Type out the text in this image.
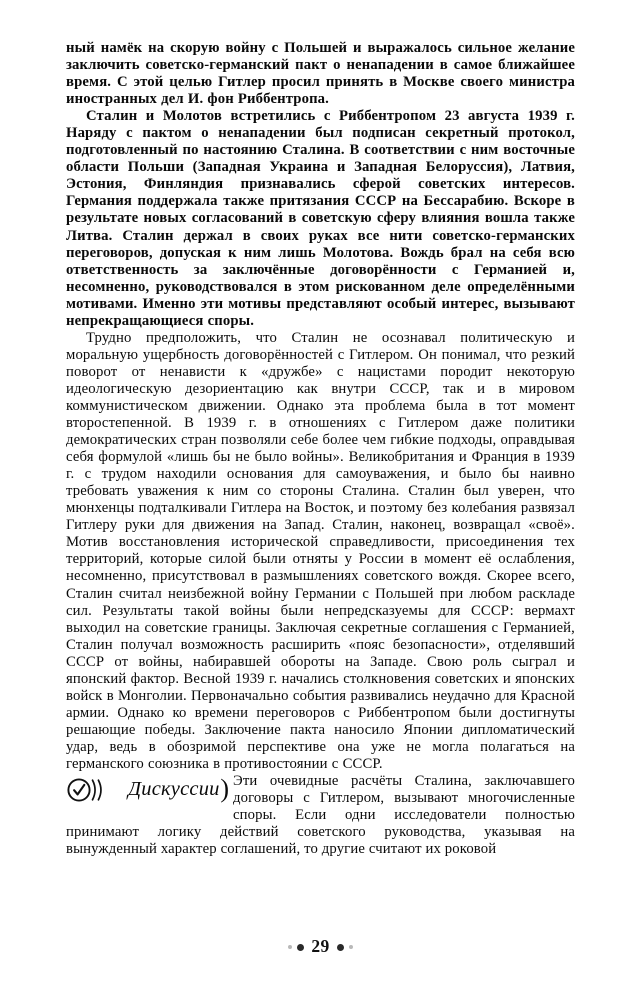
ный намёк на скорую войну с Польшей и выражалось сильное желание заключить советско-германский пакт о ненападении в самое ближайшее время. С этой целью Гитлер просил принять в Москве своего министра иностранных дел И. фон Риббентропа.

Сталин и Молотов встретились с Риббентропом 23 августа 1939 г. Наряду с пактом о ненападении был подписан секретный протокол, подготовленный по настоянию Сталина. В соответствии с ним восточные области Польши (Западная Украина и Западная Белоруссия), Латвия, Эстония, Финляндия признавались сферой советских интересов. Германия поддержала также притязания СССР на Бессарабию. Вскоре в результате новых согласований в советскую сферу влияния вошла также Литва. Сталин держал в своих руках все нити советско-германских переговоров, допуская к ним лишь Молотова. Вождь брал на себя всю ответственность за заключённые договорённости с Германией и, несомненно, руководствовался в этом рискованном деле определёнными мотивами. Именно эти мотивы представляют особый интерес, вызывают непрекращающиеся споры.

Трудно предположить, что Сталин не осознавал политическую и моральную ущербность договорённостей с Гитлером. Он понимал, что резкий поворот от ненависти к «дружбе» с нацистами породит некоторую идеологическую дезориентацию как внутри СССР, так и в мировом коммунистическом движении. Однако эта проблема была в тот момент второстепенной. В 1939 г. в отношениях с Гитлером даже политики демократических стран позволяли себе более чем гибкие подходы, оправдывая себя формулой «лишь бы не было войны». Великобритания и Франция в 1939 г. с трудом находили основания для самоуважения, и было бы наивно требовать уважения к ним со стороны Сталина. Сталин был уверен, что мюнхенцы подталкивали Гитлера на Восток, и поэтому без колебания развязал Гитлеру руки для движения на Запад. Сталин, наконец, возвращал «своё». Мотив восстановления исторической справедливости, присоединения тех территорий, которые силой были отняты у России в момент её ослабления, несомненно, присутствовал в размышлениях советского вождя. Скорее всего, Сталин считал неизбежной войну Германии с Польшей при любом раскладе сил. Результаты такой войны были непредсказуемы для СССР: вермахт выходил на советские границы. Заключая секретные соглашения с Германией, Сталин получал возможность расширить «пояс безопасности», отделявший СССР от войны, набиравшей обороты на Западе. Свою роль сыграл и японский фактор. Весной 1939 г. начались столкновения советских и японских войск в Монголии. Первоначально события развивались неудачно для Красной армии. Однако ко времени переговоров с Риббентропом были достигнуты решающие победы. Заключение пакта наносило Японии дипломатический удар, ведь в обозримой перспективе она уже не могла полагаться на германского союзника в противостоянии с СССР.

Дискуссии ) Эти очевидные расчёты Сталина, заключавшего договоры с Гитлером, вызывают многочисленные споры. Если одни исследователи полностью принимают логику действий советского руководства, указывая на вынужденный характер соглашений, то другие считают их роковой

29
